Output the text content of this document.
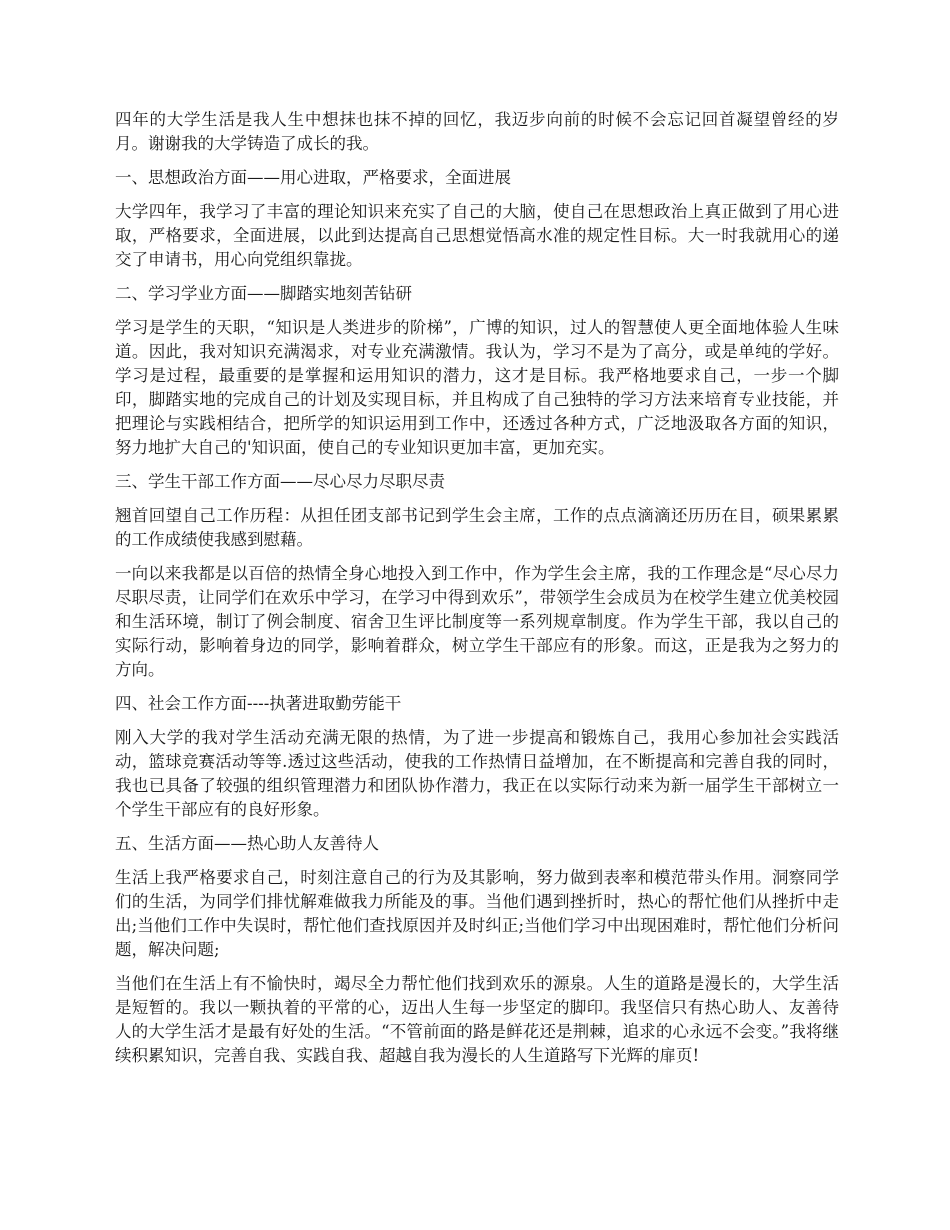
四年的大学生活是我人生中想抹也抹不掉的回忆，我迈步向前的时候不会忘记回首凝望曾经的岁月。谢谢我的大学铸造了成长的我。

一、思想政治方面——用心进取，严格要求，全面进展

大学四年，我学习了丰富的理论知识来充实了自己的大脑，使自己在思想政治上真正做到了用心进取，严格要求，全面进展，以此到达提高自己思想觉悟高水准的规定性目标。大一时我就用心的递交了申请书，用心向党组织靠拢。

二、学习学业方面——脚踏实地刻苦钻研

学习是学生的天职，“知识是人类进步的阶梯”，广博的知识，过人的智慧使人更全面地体验人生味道。因此，我对知识充满渴求，对专业充满激情。我认为，学习不是为了高分，或是单纯的学好。学习是过程，最重要的是掌握和运用知识的潜力，这才是目标。我严格地要求自己，一步一个脚印，脚踏实地的完成自己的计划及实现目标，并且构成了自己独特的学习方法来培育专业技能，并把理论与实践相结合，把所学的知识运用到工作中，还透过各种方式，广泛地汲取各方面的知识，努力地扩大自己的'知识面，使自己的专业知识更加丰富，更加充实。

三、学生干部工作方面——尽心尽力尽职尽责

翘首回望自己工作历程：从担任团支部书记到学生会主席，工作的点点滴滴还历历在目，硕果累累的工作成绩使我感到慰藉。

一向以来我都是以百倍的热情全身心地投入到工作中，作为学生会主席，我的工作理念是“尽心尽力尽职尽责，让同学们在欢乐中学习，在学习中得到欢乐”，带领学生会成员为在校学生建立优美校园和生活环境，制订了例会制度、宿舍卫生评比制度等一系列规章制度。作为学生干部，我以自己的实际行动，影响着身边的同学，影响着群众，树立学生干部应有的形象。而这，正是我为之努力的方向。

四、社会工作方面----执著进取勤劳能干

刚入大学的我对学生活动充满无限的热情，为了进一步提高和锻炼自己，我用心参加社会实践活动，篮球竞赛活动等等.透过这些活动，使我的工作热情日益增加，在不断提高和完善自我的同时，我也已具备了较强的组织管理潜力和团队协作潜力，我正在以实际行动来为新一届学生干部树立一个学生干部应有的良好形象。

五、生活方面——热心助人友善待人

生活上我严格要求自己，时刻注意自己的行为及其影响，努力做到表率和模范带头作用。洞察同学们的生活，为同学们排忧解难做我力所能及的事。当他们遇到挫折时，热心的帮忙他们从挫折中走出;当他们工作中失误时，帮忙他们查找原因并及时纠正;当他们学习中出现困难时，帮忙他们分析问题，解决问题;

当他们在生活上有不愉快时，竭尽全力帮忙他们找到欢乐的源泉。人生的道路是漫长的，大学生活是短暂的。我以一颗执着的平常的心，迈出人生每一步坚定的脚印。我坚信只有热心助人、友善待人的大学生活才是最有好处的生活。“不管前面的路是鲜花还是荆棘，追求的心永远不会变。”我将继续积累知识，完善自我、实践自我、超越自我为漫长的人生道路写下光辉的扉页!
